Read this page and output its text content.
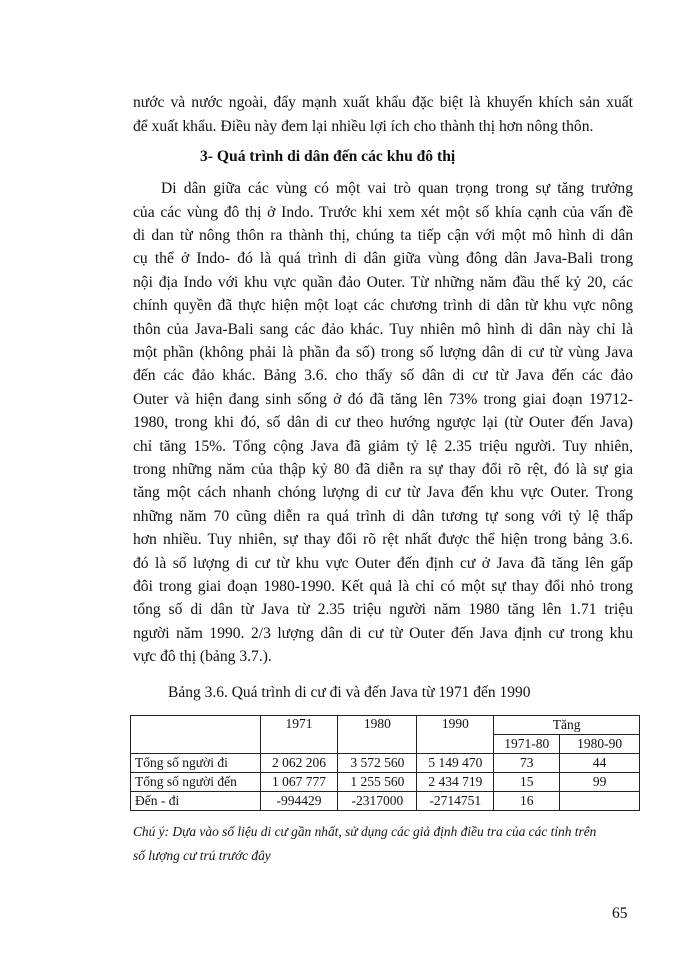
nước và nước ngoài, đẩy mạnh xuất khẩu đặc biệt là khuyến khích sản xuất
để xuất khẩu. Điều này đem lại nhiều lợi ích cho thành thị hơn nông thôn.
3- Quá trình di dân đến các khu đô thị
Di dân giữa các vùng có một vai trò quan trọng trong sự tăng trưởng
của các vùng đô thị ở Indo. Trước khi xem xét một số khía cạnh của vấn đề
di dan từ nông thôn ra thành thị, chúng ta tiếp cận với một mô hình di dân
cụ thể ở Indo- đó là quá trình di dân giữa vùng đông dân Java-Bali trong
nội địa Indo với khu vực quần đảo Outer. Từ những năm đầu thế kỷ 20, các
chính quyền đã thực hiện một loạt các chương trình di dân từ khu vực nông
thôn của Java-Bali sang các đảo khác. Tuy nhiên mô hình di dân này chỉ là
một phần (không phải là phần đa số) trong số lượng dân di cư từ vùng Java
đến các đảo khác. Bảng 3.6. cho thấy số dân di cư từ Java đến các đảo
Outer và hiện đang sinh sống ở đó đã tăng lên 73% trong giai đoạn 19712-
1980, trong khi đó, số dân di cư theo hướng ngược lại (từ Outer đến Java)
chỉ tăng 15%. Tổng cộng Java đã giảm tỷ lệ 2.35 triệu người. Tuy nhiên,
trong những năm của thập kỷ 80 đã diễn ra sự thay đổi rõ rệt, đó là sự gia
tăng một cách nhanh chóng lượng di cư từ Java đến khu vực Outer. Trong
những năm 70 cũng diễn ra quá trình di dân tương tự song với tỷ lệ thấp
hơn nhiều. Tuy nhiên, sự thay đổi rõ rệt nhất được thể hiện trong bảng 3.6.
đó là số lượng di cư từ khu vực Outer đến định cư ở Java đã tăng lên gấp
đôi trong giai đoạn 1980-1990. Kết quả là chỉ có một sự thay đổi nhỏ trong
tổng số di dân từ Java từ 2.35 triệu người năm 1980 tăng lên 1.71 triệu
người năm 1990. 2/3 lượng dân di cư từ Outer đến Java định cư trong khu
vực đô thị (bảng 3.7.).
Bảng 3.6. Quá trình di cư đi và đến Java từ 1971 đến 1990
	1971	1980	1990	Tăng	
				1971-80	1980-90
Tổng số người đi	2 062 206	3 572 560	5 149 470	73	44
Tổng số người đến	1 067 777	1 255 560	2 434 719	15	99
Đến - đi	-994429	-2317000	-2714751	16	
Chú ý: Dựa vào số liệu di cư gần nhất, sử dụng các giả định điều tra của các tỉnh trên
số lượng cư trú trước đây
65
